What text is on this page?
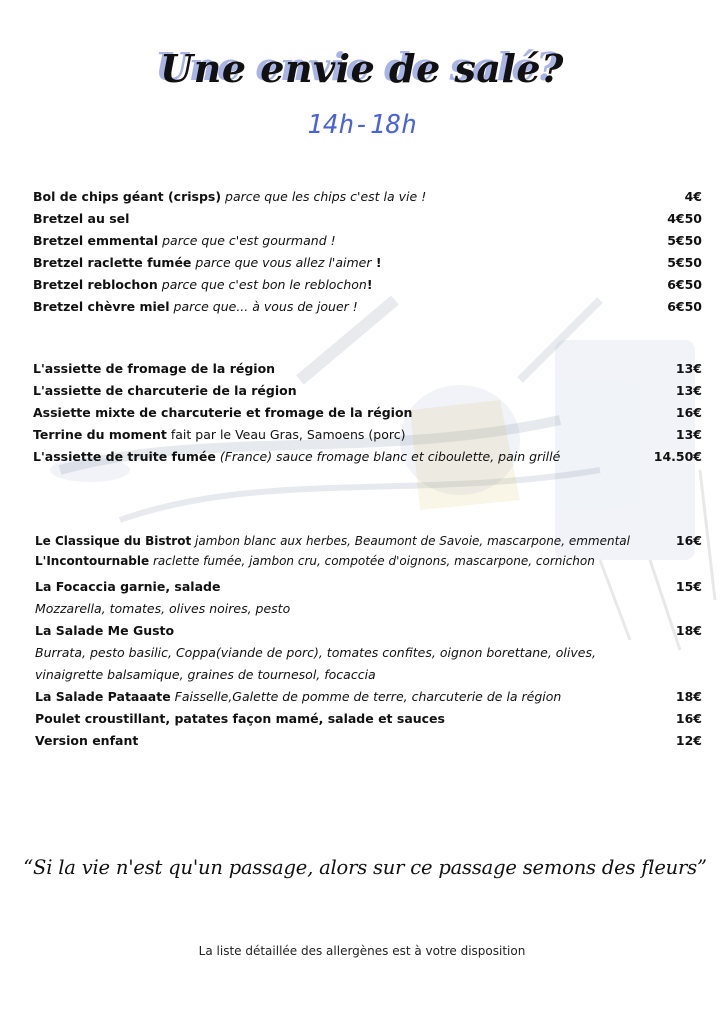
Une envie de salé?
14h-18h
Bol de chips géant (crisps) parce que les chips c'est la vie !	4€
Bretzel au sel	4€50
Bretzel emmental parce que c'est gourmand !	5€50
Bretzel raclette fumée parce que vous allez l'aimer !	5€50
Bretzel reblochon parce que c'est bon le reblochon!	6€50
Bretzel chèvre miel parce que... à vous de jouer !	6€50
L'assiette de fromage de la région	13€
L'assiette de charcuterie de la région	13€
Assiette mixte de charcuterie et fromage de la région	16€
Terrine du moment fait par le Veau Gras, Samoens (porc)	13€
L'assiette de truite fumée (France) sauce fromage blanc et ciboulette, pain grillé	14.50€
Le Classique du Bistrot jambon blanc aux herbes, Beaumont de Savoie, mascarpone, emmental	16€
L'Incontournable raclette fumée, jambon cru, compotée d'oignons, mascarpone, cornichon
La Focaccia garnie, salade	15€
Mozzarella, tomates, olives noires, pesto
La Salade Me Gusto	18€
Burrata, pesto basilic, Coppa(viande de porc), tomates confites, oignon borettane, olives,
vinaigrette balsamique, graines de tournesol, focaccia
La Salade Pataaate Faisselle,Galette de pomme de terre, charcuterie de la région	18€
Poulet croustillant, patates façon mamé, salade et sauces	16€
Version enfant	12€
“Si la vie n'est qu'un passage, alors sur ce passage semons des fleurs”
La liste détaillée des allergènes est à votre disposition
